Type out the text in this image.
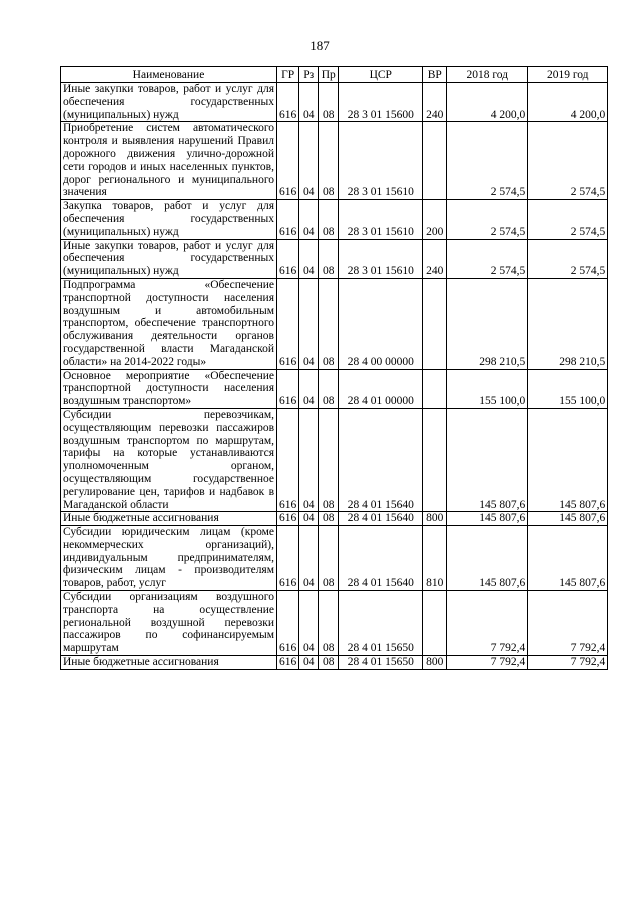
187
Наименование	ГР	Рз	Пр	ЦСР	ВР	2018 год	2019 год
Иные закупки товаров, работ и услуг для обеспечения государственных (муниципальных) нужд	616	04	08	28 3 01 15600	240	4 200,0	4 200,0
Приобретение систем автоматического контроля и выявления нарушений Правил дорожного движения улично-дорожной сети городов и иных населенных пунктов, дорог регионального и муниципального значения	616	04	08	28 3 01 15610		2 574,5	2 574,5
Закупка товаров, работ и услуг для обеспечения государственных (муниципальных) нужд	616	04	08	28 3 01 15610	200	2 574,5	2 574,5
Иные закупки товаров, работ и услуг для обеспечения государственных (муниципальных) нужд	616	04	08	28 3 01 15610	240	2 574,5	2 574,5
Подпрограмма «Обеспечение транспортной доступности населения воздушным и автомобильным транспортом, обеспечение транспортного обслуживания деятельности органов государственной власти Магаданской области» на 2014-2022 годы»	616	04	08	28 4 00 00000		298 210,5	298 210,5
Основное мероприятие «Обеспечение транспортной доступности населения воздушным транспортом»	616	04	08	28 4 01 00000		155 100,0	155 100,0
Субсидии перевозчикам, осуществляющим перевозки пассажиров воздушным транспортом по маршрутам, тарифы на которые устанавливаются уполномоченным органом, осуществляющим государственное регулирование цен, тарифов и надбавок в Магаданской области	616	04	08	28 4 01 15640		145 807,6	145 807,6
Иные бюджетные ассигнования	616	04	08	28 4 01 15640	800	145 807,6	145 807,6
Субсидии юридическим лицам (кроме некоммерческих организаций), индивидуальным предпринимателям, физическим лицам - производителям товаров, работ, услуг	616	04	08	28 4 01 15640	810	145 807,6	145 807,6
Субсидии организациям воздушного транспорта на осуществление региональной воздушной перевозки пассажиров по софинансируемым маршрутам	616	04	08	28 4 01 15650		7 792,4	7 792,4
Иные бюджетные ассигнования	616	04	08	28 4 01 15650	800	7 792,4	7 792,4
